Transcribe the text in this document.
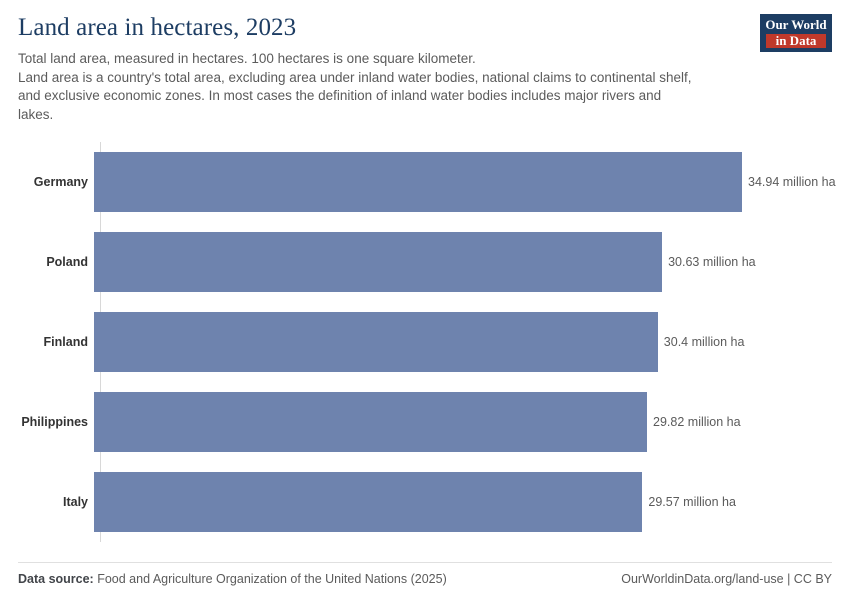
Our World
in Data
Land area in hectares, 2023
Total land area, measured in hectares. 100 hectares is one square kilometer.
Land area is a country's total area, excluding area under inland water bodies, national claims to continental shelf,
and exclusive economic zones. In most cases the definition of inland water bodies includes major rivers and
lakes.
Germany	34.94 million ha
Poland	30.63 million ha
Finland	30.4 million ha
Philippines	29.82 million ha
Italy	29.57 million ha
Data source: Food and Agriculture Organization of the United Nations (2025)	OurWorldinData.org/land-use | CC BY
